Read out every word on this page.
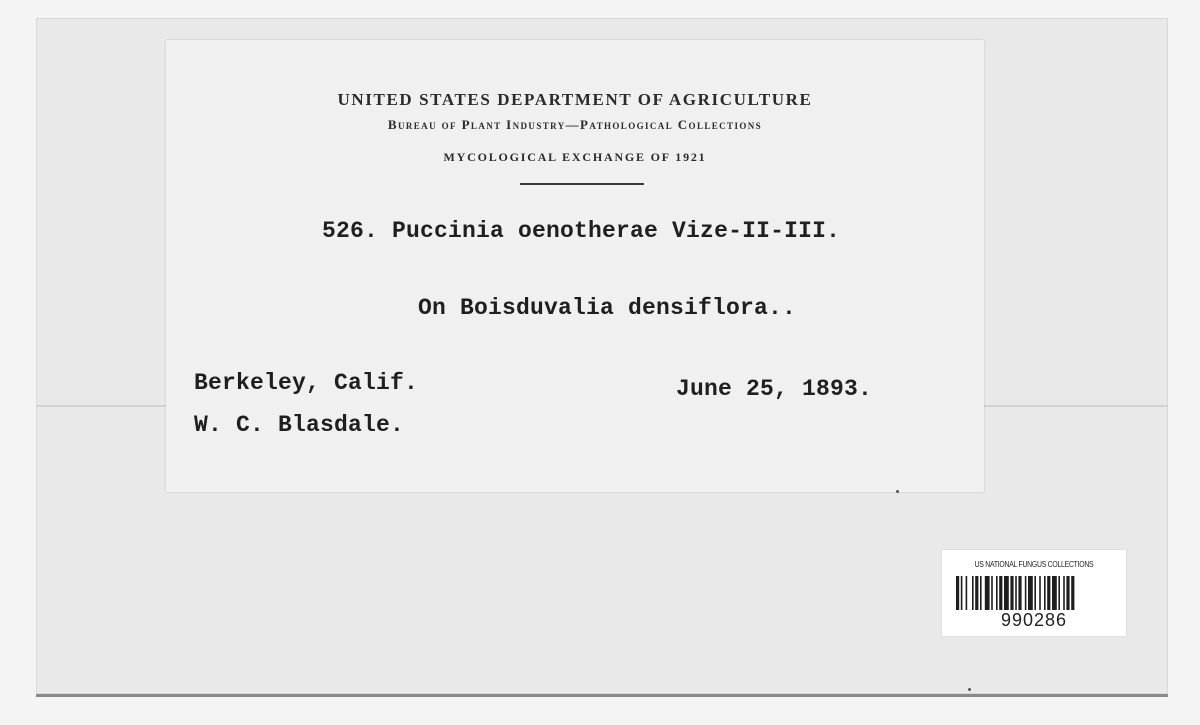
UNITED STATES DEPARTMENT OF AGRICULTURE

Bureau of Plant Industry—Pathological Collections

MYCOLOGICAL EXCHANGE OF 1921

526. Puccinia oenotherae Vize-II-III.

On Boisduvalia densiflora..

Berkeley, Calif.

W. C. Blasdale.

June 25, 1893.

US NATIONAL FUNGUS COLLECTIONS

990286
